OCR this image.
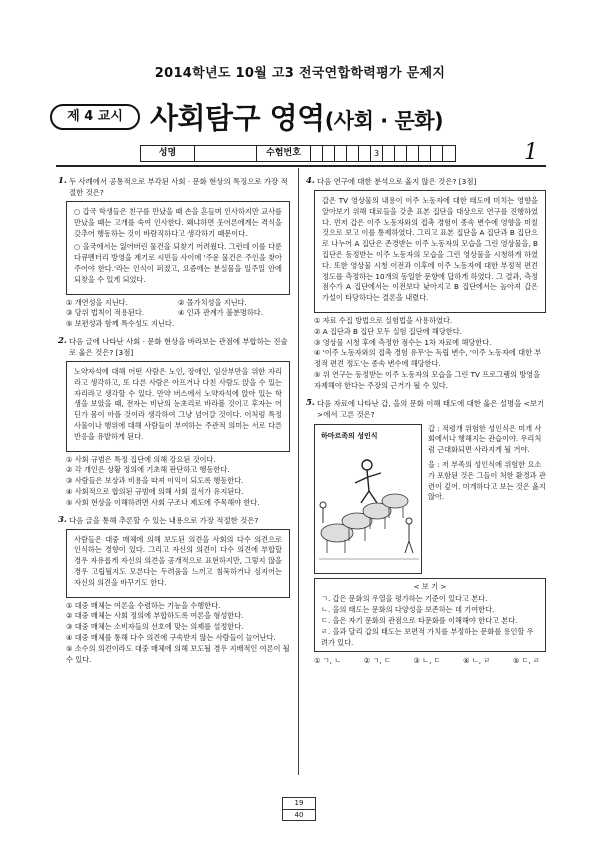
2014학년도 10월 고3 전국연합학력평가 문제지
제 4 교시 사회탐구 영역(사회 · 문화)
성명	수험번호	3	1
1. 두 사례에서 공통적으로 부각된 사회 · 문화 현상의 특징으로 가장 적절한 것은?

○ 갑국 학생들은 친구를 만났을 때 손을 흔들며 인사하지만 교사를 만났을 때는 고개를 숙여 인사한다. 왜냐하면 웃어른에게는 격식을 갖추어 행동하는 것이 바람직하다고 생각하기 때문이다.

○ 을국에서는 잃어버린 물건을 되찾기 어려웠다. 그런데 이를 다룬 다큐멘터리 방영을 계기로 시민들 사이에 '주운 물건은 주인을 찾아 주어야 한다.'라는 인식이 퍼졌고, 요즘에는 분실물을 일주일 안에 되찾을 수 있게 되었다.

① 개연성을 지닌다.	② 몰가치성을 지닌다.
③ 당위 법칙이 적용된다.	④ 인과 관계가 불분명하다.
⑤ 보편성과 함께 특수성도 지닌다.
2. 다음 글에 나타난 사회 · 문화 현상을 바라보는 관점에 부합하는 진술로 옳은 것은? [3점]

노약자석에 대해 어떤 사람은 노인, 장애인, 임산부만을 위한 자리라고 생각하고, 또 다른 사람은 아프거나 다친 사람도 앉을 수 있는 자리라고 생각할 수 있다. 만약 버스에서 노약자석에 앉아 있는 학생을 보았을 때, 전자는 비난의 눈초리로 바라볼 것이고 후자는 어딘가 몸이 아플 것이라 생각하여 그냥 넘어갈 것이다. 이처럼 특정 사물이나 행위에 대해 사람들이 부여하는 주관적 의미는 서로 다른 반응을 유발하게 된다.

① 사회 규범은 특정 집단에 의해 강요된 것이다.
② 각 개인은 상황 정의에 기초해 판단하고 행동한다.
③ 사람들은 보상과 비용을 따져 이익이 되도록 행동한다.
④ 사회적으로 합의된 규범에 의해 사회 질서가 유지된다.
⑤ 사회 현상을 이해하려면 사회 구조나 제도에 주목해야 한다.
3. 다음 글을 통해 추론할 수 있는 내용으로 가장 적절한 것은?

사람들은 대중 매체에 의해 보도된 의견을 사회의 다수 의견으로 인식하는 경향이 있다. 그리고 자신의 의견이 다수 의견에 부합할 경우 자유롭게 자신의 의견을 공개적으로 표현하지만, 그렇지 않을 경우 고립될지도 모른다는 두려움을 느끼고 침묵하거나 심지어는 자신의 의견을 바꾸기도 한다.

① 대중 매체는 여론을 수렴하는 기능을 수행한다.
② 대중 매체는 사회 정의에 부합하도록 여론을 형성한다.
③ 대중 매체는 소비자들의 선호에 맞는 의제를 설정한다.
④ 대중 매체를 통해 다수 의견에 구속받지 않는 사람들이 늘어난다.
⑤ 소수의 의견이라도 대중 매체에 의해 보도될 경우 지배적인 여론이 될 수 있다.
4. 다음 연구에 대한 분석으로 옳지 않은 것은? [3점]

갑은 TV 영상물의 내용이 이주 노동자에 대한 태도에 미치는 영향을 알아보기 위해 대료들을 갖춘 표본 집단을 대상으로 연구를 진행하였다. 먼저 갑은 이주 노동자와의 접촉 경험이 종속 변수에 영향을 미칠 것으로 보고 이를 통제하였다. 그리고 표본 집단을 A 집단과 B 집단으로 나누어 A 집단은 존경받는 이주 노동자의 모습을 그린 영상물을, B 집단은 동정받는 이주 노동자의 모습을 그린 영상물을 시청하게 하였다. 또한 영상물 시청 이전과 이후에 이주 노동자에 대한 부정적 편견 정도를 측정하는 10개의 동일한 문항에 답하게 하였다. 그 결과, 측정 점수가 A 집단에서는 이전보다 낮아지고 B 집단에서는 높아져 갑은 가설이 타당하다는 결론을 내렸다.

① 자료 수집 방법으로 실험법을 사용하였다.
② A 집단과 B 집단 모두 실험 집단에 해당한다.
③ 영상물 시청 후에 측정한 점수는 1차 자료에 해당한다.
④ '이주 노동자와의 접촉 경험 유무'는 독립 변수, '이주 노동자에 대한 부정적 편견 정도'는 종속 변수에 해당한다.
⑤ 위 연구는 동정받는 이주 노동자의 모습을 그린 TV 프로그램의 방영을 자제해야 한다는 주장의 근거가 될 수 있다.
5. 다음 자료에 나타난 갑, 을의 문화 이해 태도에 대한 옳은 설명을 <보기>에서 고른 것은?
하마르족의 성인식

갑 : 적령개 위험한 성인식은 미개 사회에서나 행해지는 관습이야. 우리처럼 근대화되면 사라지게 될 거야.

을 : 저 부족의 성인식에 위험한 요소가 포함된 것은 그들이 처한 환경과 관련이 깊어. 미개하다고 보는 것은 옳지 않아.

< 보 기 >
ㄱ. 갑은 문화의 우열을 평가하는 기준이 있다고 본다.
ㄴ. 을의 태도는 문화의 다양성을 보존하는 데 기여한다.
ㄷ. 을은 자기 문화의 관점으로 타문화를 이해해야 한다고 본다.
ㄹ. 을과 달리 갑의 태도는 보편적 가치를 부정하는 문화를 용인할 우려가 있다.
① ㄱ, ㄴ	② ㄱ, ㄷ	③ ㄴ, ㄷ	④ ㄴ, ㄹ	⑤ ㄷ, ㄹ
$\frac{19}{40}$
